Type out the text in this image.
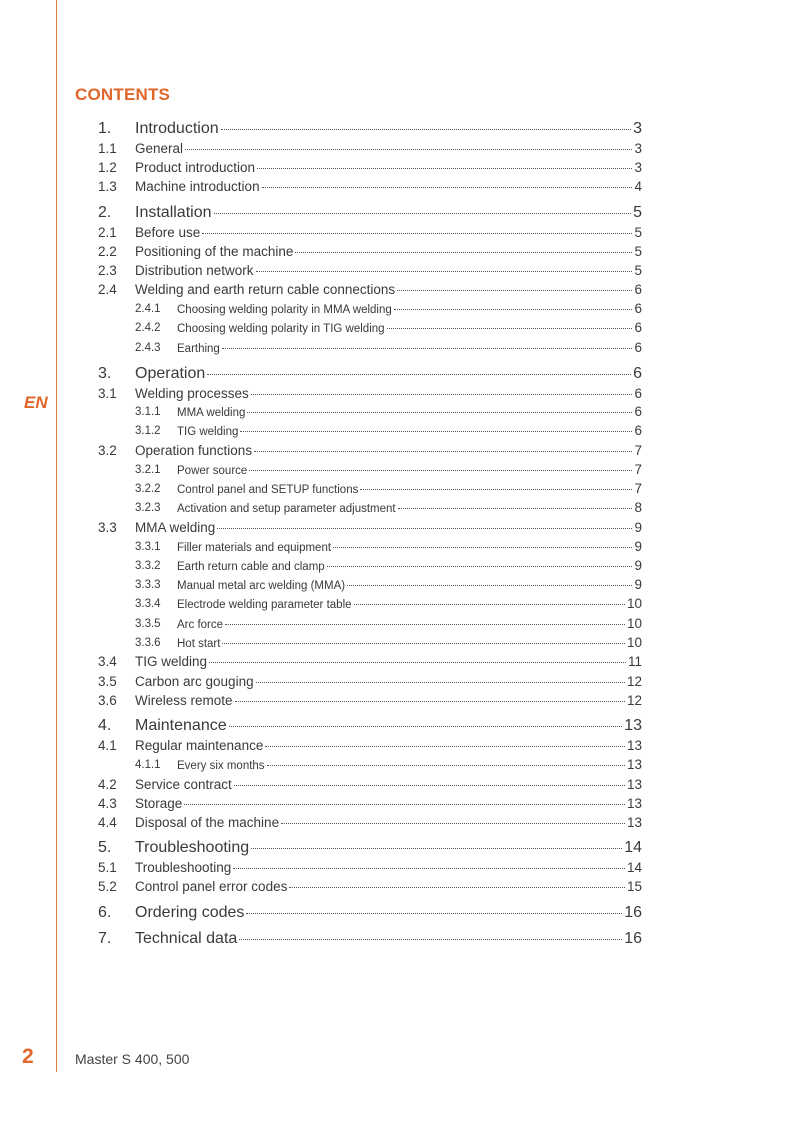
EN
CONTENTS
1. Introduction	3
1.1 General	3
1.2 Product introduction	3
1.3 Machine introduction	4
2. Installation	5
2.1 Before use	5
2.2 Positioning of the machine	5
2.3 Distribution network	5
2.4 Welding and earth return cable connections	6
2.4.1 Choosing welding polarity in MMA welding	6
2.4.2 Choosing welding polarity in TIG welding	6
2.4.3 Earthing	6
3. Operation	6
3.1 Welding processes	6
3.1.1 MMA welding	6
3.1.2 TIG welding	6
3.2 Operation functions	7
3.2.1 Power source	7
3.2.2 Control panel and SETUP functions	7
3.2.3 Activation and setup parameter adjustment	8
3.3 MMA welding	9
3.3.1 Filler materials and equipment	9
3.3.2 Earth return cable and clamp	9
3.3.3 Manual metal arc welding (MMA)	9
3.3.4 Electrode welding parameter table	10
3.3.5 Arc force	10
3.3.6 Hot start	10
3.4 TIG welding	11
3.5 Carbon arc gouging	12
3.6 Wireless remote	12
4. Maintenance	13
4.1 Regular maintenance	13
4.1.1 Every six months	13
4.2 Service contract	13
4.3 Storage	13
4.4 Disposal of the machine	13
5. Troubleshooting	14
5.1 Troubleshooting	14
5.2 Control panel error codes	15
6. Ordering codes	16
7. Technical data	16
2	Master S 400, 500
